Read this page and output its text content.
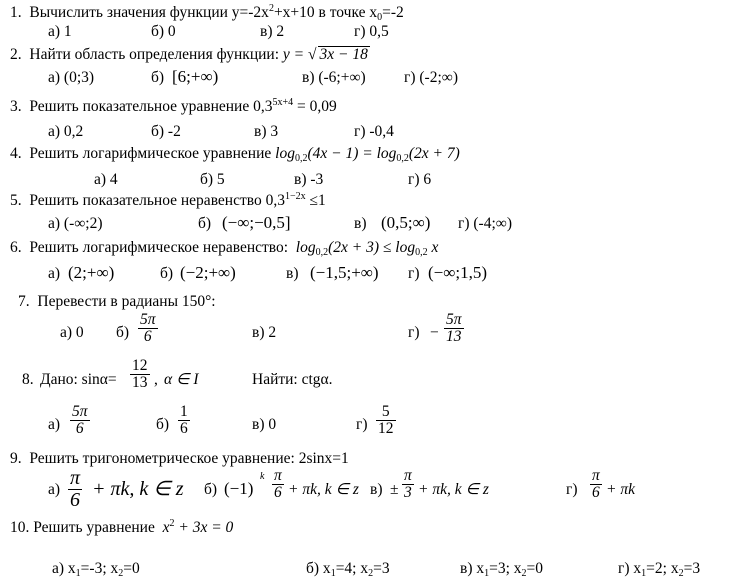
1. Вычислить значения функции $y=-2x^2+x+10$ в точке $x_0=-2$
а) 1	б) 0	в) 2	г) 0,5
2. Найти область определения функции: y = √ 3x − 18
а) (0;3)	б) [6;+∞)	в) (-6;+∞) г) (-2;∞)
3. Решить показательное уравнение $0,3^{5x+4} = 0,09$
а) 0,2	б) -2	в) 3	г) -0,4
4. Решить логарифмическое уравнение $\log_{0,2}(4x - 1) = \log_{0,2}(2x + 7)$
а) 4	б) 5	в) -3	г) 6
5. Решить показательное неравенство $0,3^{1-2x} \le 1$
а) (-∞;2)	б) (−∞;−0,5]	в) (0,5;∞) г) (-4;∞)
6. Решить логарифмическое неравенство: $\log_{0,2}(2x + 3) \le \log_{0,2} x$
а) (2;+∞)	б) (−2;+∞)	в) (−1,5;+∞) г) (−∞;1,5)
7. Перевести в радианы 150°:
а) 0 $б) \frac{5\pi}{6}$	в) 2	$г) - \frac{5\pi}{13}$
8. Дано: $\sin\alpha= \frac{12}{13}$ , α ∈ I	Найти: ctgα.
$а) \frac{5\pi}{6}$	$б) \frac{1}{6}$	в) 0	$г) \frac{5}{12}$
9. Решить тригонометрическое уравнение: 2sinx=1
$а) \frac{\pi}{6} + \pi k$, k ∈ z б) (−1)
k $\frac{\pi}{6} + \pi k$, k ∈ z $в) \pm \frac{\pi}{3} + \pi k$, k ∈ z	$г) \frac{\pi}{6} + \pi k$
10. Решить уравнение $x^2 + 3x = 0$
а) $x_1=-3$; $x_2=0$	б) $x_1=4$; $x_2=3$	в) $x_1=3$; $x_2=0$	г) $x_1=2$; $x_2=3$
